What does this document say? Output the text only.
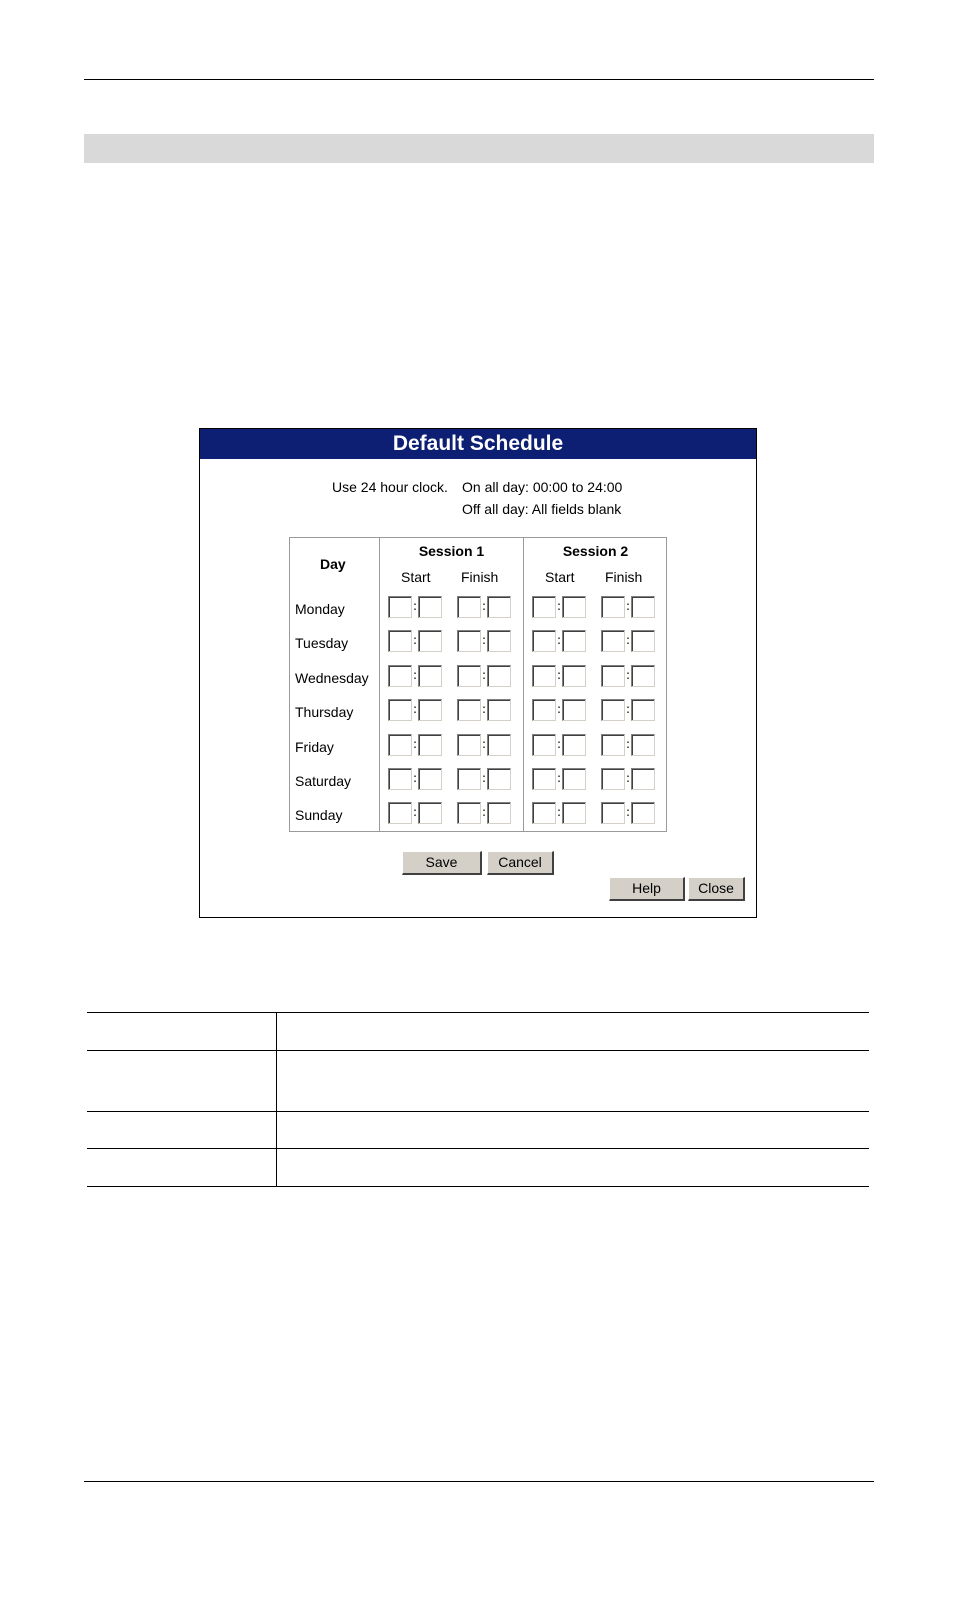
Default Schedule
Use 24 hour clock. On all day: 00:00 to 24:00
Off all day: All fields blank
Day
Session 1
Start Finish
Session 2
Start Finish
Monday	:	:	:	:
Tuesday	:	:	:	:
Wednesday	:	:	:	:
Thursday	:	:	:	:
Friday	:	:	:	:
Saturday	:	:	:	:
Sunday	:	:	:	:
Save	Cancel
Help	Close
